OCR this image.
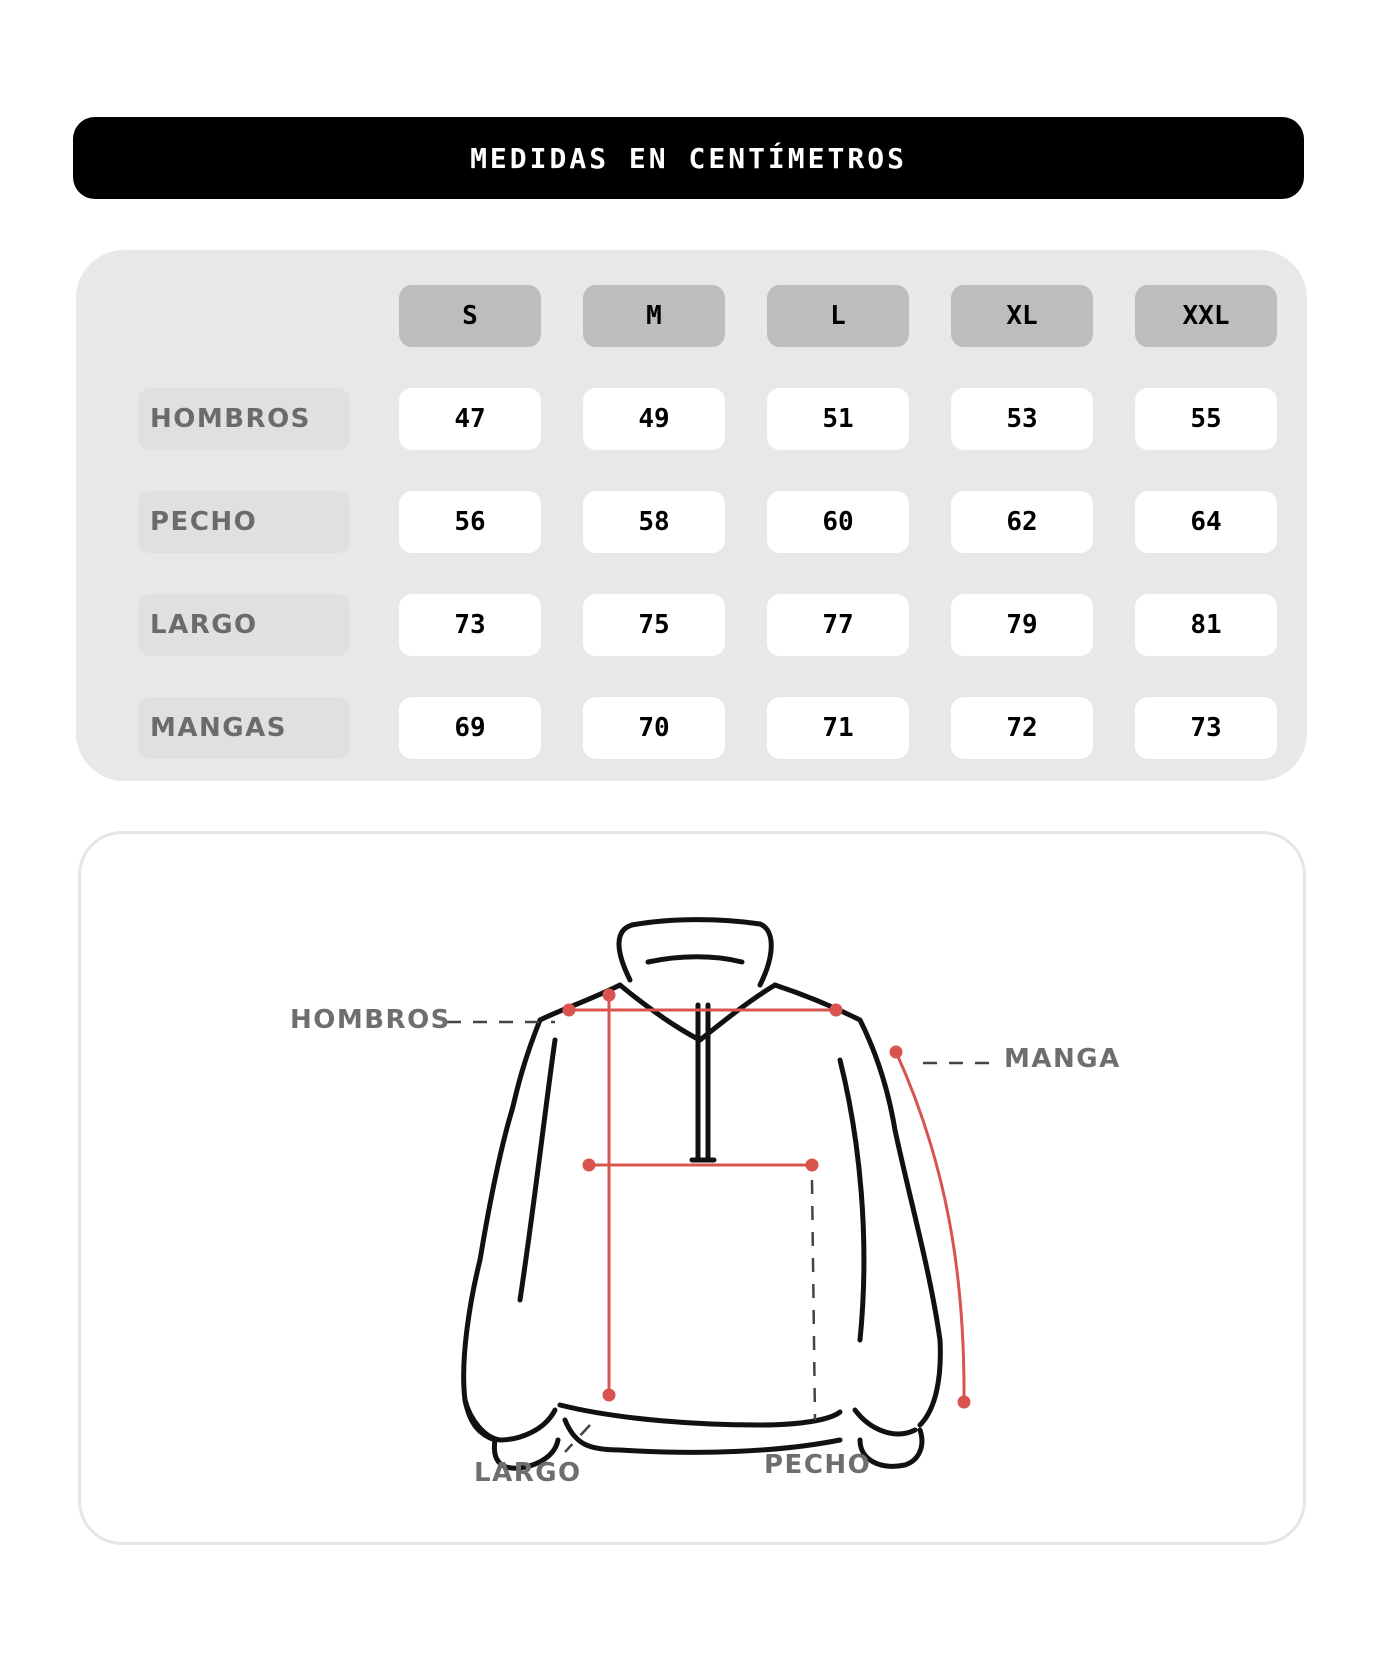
MEDIDAS EN CENTÍMETROS
S	M	L	XL	XXL
HOMBROS	47	49	51	53	55
PECHO	56	58	60	62	64
LARGO	73	75	77	79	81
MANGAS	69	70	71	72	73
HOMBROS
MANGA
LARGO	PECHO
